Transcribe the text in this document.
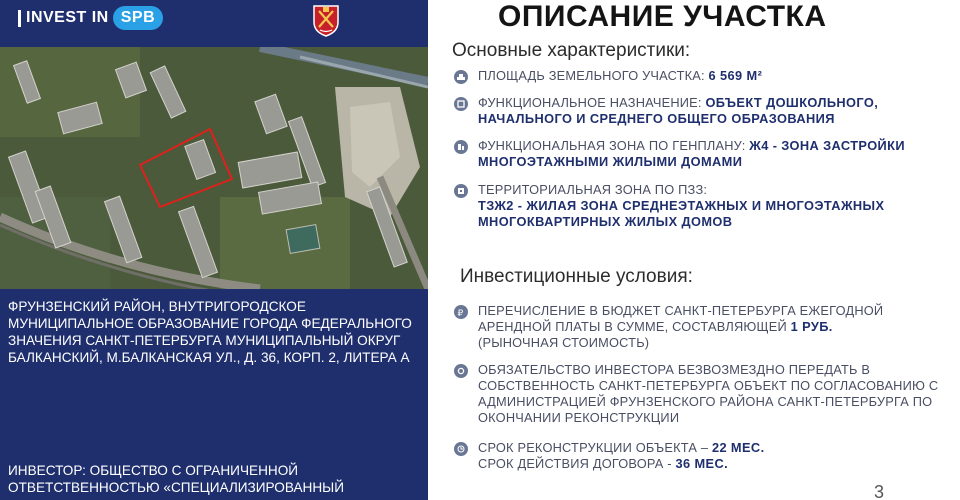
INVEST IN SPB
ФРУНЗЕНСКИЙ РАЙОН, ВНУТРИГОРОДСКОЕ МУНИЦИПАЛЬНОЕ ОБРАЗОВАНИЕ ГОРОДА ФЕДЕРАЛЬНОГО ЗНАЧЕНИЯ САНКТ-ПЕТЕРБУРГА МУНИЦИПАЛЬНЫЙ ОКРУГ БАЛКАНСКИЙ, М.БАЛКАНСКАЯ УЛ., Д. 36, КОРП. 2, ЛИТЕРА А
ИНВЕСТОР: ОБЩЕСТВО С ОГРАНИЧЕННОЙ ОТВЕТСТВЕННОСТЬЮ «СПЕЦИАЛИЗИРОВАННЫЙ
ОПИСАНИЕ УЧАСТКА
Основные характеристики:
ПЛОЩАДЬ ЗЕМЕЛЬНОГО УЧАСТКА: 6 569 М²
ФУНКЦИОНАЛЬНОЕ НАЗНАЧЕНИЕ: ОБЪЕКТ ДОШКОЛЬНОГО, НАЧАЛЬНОГО И СРЕДНЕГО ОБЩЕГО ОБРАЗОВАНИЯ
ФУНКЦИОНАЛЬНАЯ ЗОНА ПО ГЕНПЛАНУ: Ж4 - ЗОНА ЗАСТРОЙКИ МНОГОЭТАЖНЫМИ ЖИЛЫМИ ДОМАМИ
ТЕРРИТОРИАЛЬНАЯ ЗОНА ПО ПЗЗ:
ТЗЖ2 - ЖИЛАЯ ЗОНА СРЕДНЕЭТАЖНЫХ И МНОГОЭТАЖНЫХ МНОГОКВАРТИРНЫХ ЖИЛЫХ ДОМОВ
Инвестиционные условия:
₽ ПЕРЕЧИСЛЕНИЕ В БЮДЖЕТ САНКТ-ПЕТЕРБУРГА ЕЖЕГОДНОЙ АРЕНДНОЙ ПЛАТЫ В СУММЕ, СОСТАВЛЯЮЩЕЙ 1 РУБ.
(РЫНОЧНАЯ СТОИМОСТЬ)
ОБЯЗАТЕЛЬСТВО ИНВЕСТОРА БЕЗВОЗМЕЗДНО ПЕРЕДАТЬ В СОБСТВЕННОСТЬ САНКТ-ПЕТЕРБУРГА ОБЪЕКТ ПО СОГЛАСОВАНИЮ С АДМИНИСТРАЦИЕЙ ФРУНЗЕНСКОГО РАЙОНА САНКТ-ПЕТЕРБУРГА ПО ОКОНЧАНИИ РЕКОНСТРУКЦИИ
СРОК РЕКОНСТРУКЦИИ ОБЪЕКТА – 22 МЕС.
СРОК ДЕЙСТВИЯ ДОГОВОРА - 36 МЕС.
3
